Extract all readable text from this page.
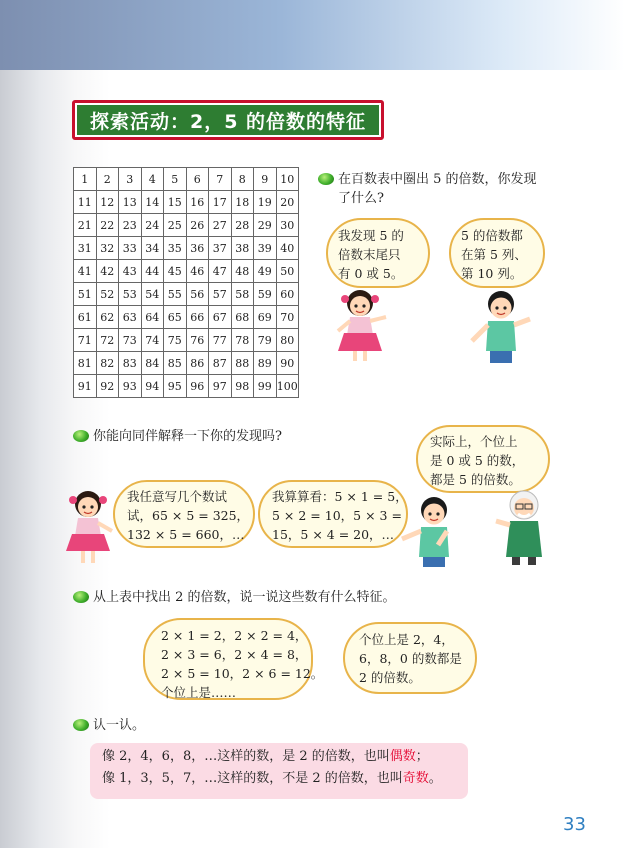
探索活动：2，5 的倍数的特征
1	2	3	4	5	6	7	8	9	10
11	12	13	14	15	16	17	18	19	20
21	22	23	24	25	26	27	28	29	30
31	32	33	34	35	36	37	38	39	40
41	42	43	44	45	46	47	48	49	50
51	52	53	54	55	56	57	58	59	60
61	62	63	64	65	66	67	68	69	70
71	72	73	74	75	76	77	78	79	80
81	82	83	84	85	86	87	88	89	90
91	92	93	94	95	96	97	98	99	100
在百数表中圈出 5 的倍数，你发现
了什么?
我发现 5 的
倍数末尾只
有 0 或 5。
5 的倍数都
在第 5 列、
第 10 列。
你能向同伴解释一下你的发现吗?	实际上，个位上
是 0 或 5 的数，
都是 5 的倍数。
我任意写几个数试
试，65 × 5 = 325，
132 × 5 = 660，…
我算算看：5 × 1 = 5，
5 × 2 = 10，5 × 3 =
15，5 × 4 = 20，…
从上表中找出 2 的倍数，说一说这些数有什么特征。
2 × 1 = 2，2 × 2 = 4，
2 × 3 = 6，2 × 4 = 8，
2 × 5 = 10，2 × 6 = 12。
个位上是……
个位上是 2，4，
6，8，0 的数都是
2 的倍数。
认一认。
像 2，4，6，8，…这样的数，是 2 的倍数，也叫偶数；
像 1，3，5，7，…这样的数，不是 2 的倍数，也叫奇数。
33
